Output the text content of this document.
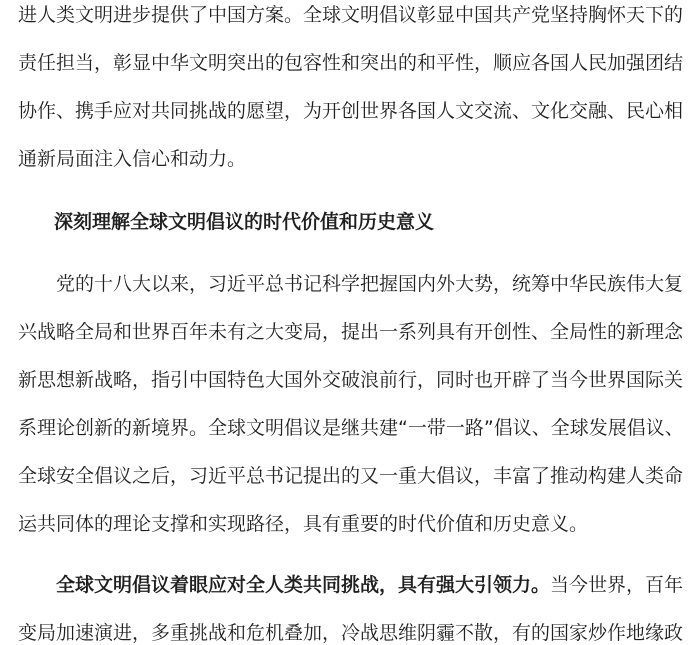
进人类文明进步提供了中国方案。全球文明倡议彰显中国共产党坚持胸怀天下的
责任担当，彰显中华文明突出的包容性和突出的和平性，顺应各国人民加强团结
协作、携手应对共同挑战的愿望，为开创世界各国人文交流、文化交融、民心相
通新局面注入信心和动力。
深刻理解全球文明倡议的时代价值和历史意义
党的十八大以来，习近平总书记科学把握国内外大势，统筹中华民族伟大复
兴战略全局和世界百年未有之大变局，提出一系列具有开创性、全局性的新理念
新思想新战略，指引中国特色大国外交破浪前行，同时也开辟了当今世界国际关
系理论创新的新境界。全球文明倡议是继共建“一带一路”倡议、全球发展倡议、
全球安全倡议之后，习近平总书记提出的又一重大倡议，丰富了推动构建人类命
运共同体的理论支撑和实现路径，具有重要的时代价值和历史意义。
全球文明倡议着眼应对全人类共同挑战，具有强大引领力。当今世界，百年
变局加速演进，多重挑战和危机叠加，冷战思维阴霾不散，有的国家炒作地缘政
